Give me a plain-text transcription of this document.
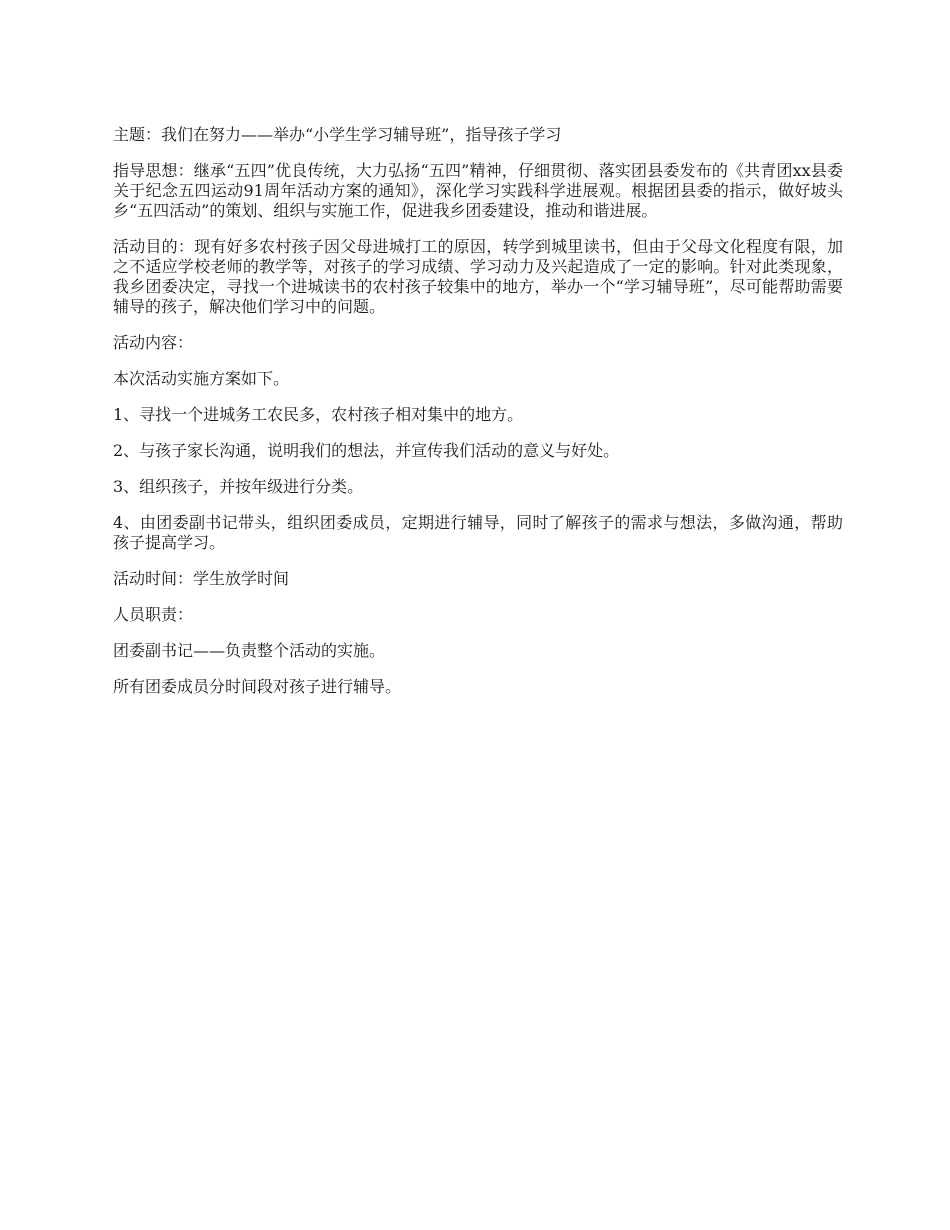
主题：我们在努力——举办“小学生学习辅导班”，指导孩子学习

指导思想：继承“五四”优良传统，大力弘扬“五四”精神，仔细贯彻、落实团县委发布的《共青团xx县委关于纪念五四运动91周年活动方案的通知》，深化学习实践科学进展观。根据团县委的指示，做好坡头乡“五四活动”的策划、组织与实施工作，促进我乡团委建设，推动和谐进展。

活动目的：现有好多农村孩子因父母进城打工的原因，转学到城里读书，但由于父母文化程度有限，加之不适应学校老师的教学等，对孩子的学习成绩、学习动力及兴起造成了一定的影响。针对此类现象，我乡团委决定，寻找一个进城读书的农村孩子较集中的地方，举办一个“学习辅导班”，尽可能帮助需要辅导的孩子，解决他们学习中的问题。

活动内容：

本次活动实施方案如下。

1、寻找一个进城务工农民多，农村孩子相对集中的地方。

2、与孩子家长沟通，说明我们的想法，并宣传我们活动的意义与好处。

3、组织孩子，并按年级进行分类。

4、由团委副书记带头，组织团委成员，定期进行辅导，同时了解孩子的需求与想法，多做沟通，帮助孩子提高学习。

活动时间：学生放学时间

人员职责：

团委副书记——负责整个活动的实施。

所有团委成员分时间段对孩子进行辅导。
